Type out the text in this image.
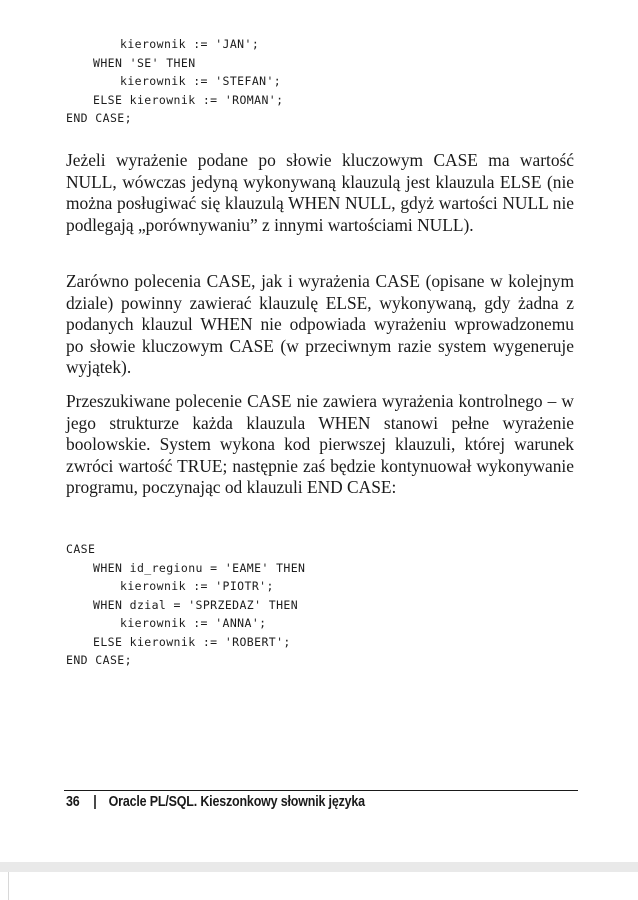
kierownik := 'JAN';
WHEN 'SE' THEN
kierownik := 'STEFAN';
ELSE kierownik := 'ROMAN';
END CASE;

Jeżeli wyrażenie podane po słowie kluczowym CASE ma wartość NULL, wówczas jedyną wykonywaną klauzulą jest klauzula ELSE (nie można posługiwać się klauzulą WHEN NULL, gdyż wartości NULL nie podlegają „porównywaniu” z innymi wartościami NULL).

Zarówno polecenia CASE, jak i wyrażenia CASE (opisane w kolejnym dziale) powinny zawierać klauzulę ELSE, wykonywaną, gdy żadna z podanych klauzul WHEN nie odpowiada wyrażeniu wprowadzonemu po słowie kluczowym CASE (w przeciwnym razie system wygeneruje wyjątek).

Przeszukiwane polecenie CASE nie zawiera wyrażenia kontrolnego – w jego strukturze każda klauzula WHEN stanowi pełne wyrażenie boolowskie. System wykona kod pierwszej klauzuli, której warunek zwróci wartość TRUE; następnie zaś będzie kontynuował wykonywanie programu, poczynając od klauzuli END CASE:

CASE
WHEN id_regionu = 'EAME' THEN
kierownik := 'PIOTR';
WHEN dzial = 'SPRZEDAZ' THEN
kierownik := 'ANNA';
ELSE kierownik := 'ROBERT';
END CASE;
36 | Oracle PL/SQL. Kieszonkowy słownik języka
